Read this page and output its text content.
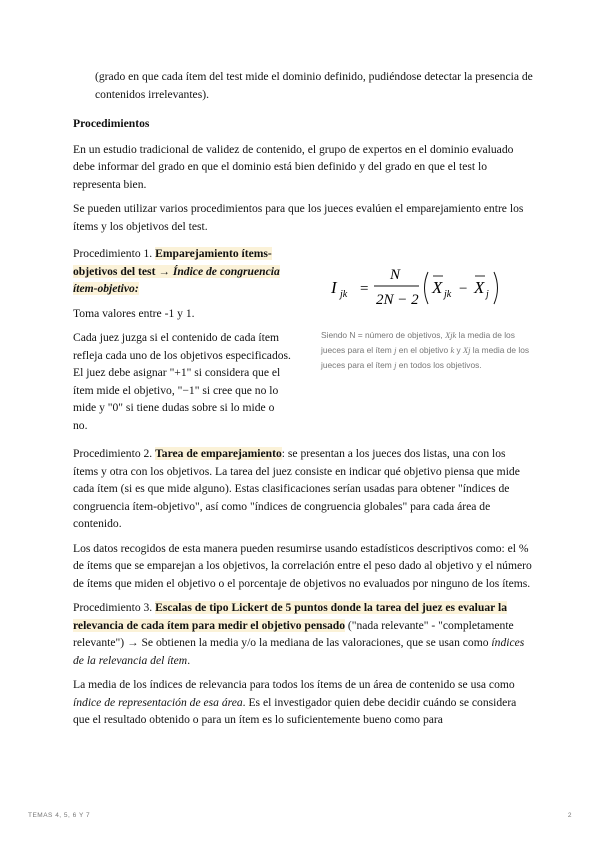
(grado en que cada ítem del test mide el dominio definido, pudiéndose detectar la presencia de contenidos irrelevantes).

Procedimientos

En un estudio tradicional de validez de contenido, el grupo de expertos en el dominio evaluado debe informar del grado en que el dominio está bien definido y del grado en que el test lo representa bien.

Se pueden utilizar varios procedimientos para que los jueces evalúen el emparejamiento entre los ítems y los objetivos del test.

Procedimiento 1. Emparejamiento ítems-objetivos del test → Índice de congruencia ítem-objetivo:

Toma valores entre -1 y 1.

Cada juez juzga si el contenido de cada ítem refleja cada uno de los objetivos especificados. El juez debe asignar "+1" si considera que el ítem mide el objetivo, "−1" si cree que no lo mide y "0" si tiene dudas sobre si lo mide o no.

I jk =
N
2N − 2
X jk − X j
Siendo N = número de objetivos, Xjk la media de los jueces para el ítem j en el objetivo k y Xj la media de los jueces para el ítem j en todos los objetivos.

Procedimiento 2. Tarea de emparejamiento: se presentan a los jueces dos listas, una con los ítems y otra con los objetivos. La tarea del juez consiste en indicar qué objetivo piensa que mide cada ítem (si es que mide alguno). Estas clasificaciones serían usadas para obtener "índices de congruencia ítem-objetivo", así como "índices de congruencia globales" para cada área de contenido.

Los datos recogidos de esta manera pueden resumirse usando estadísticos descriptivos como: el % de ítems que se emparejan a los objetivos, la correlación entre el peso dado al objetivo y el número de ítems que miden el objetivo o el porcentaje de objetivos no evaluados por ninguno de los ítems.

Procedimiento 3. Escalas de tipo Lickert de 5 puntos donde la tarea del juez es evaluar la relevancia de cada ítem para medir el objetivo pensado ("nada relevante" - "completamente relevante") → Se obtienen la media y/o la mediana de las valoraciones, que se usan como índices de la relevancia del ítem.

La media de los índices de relevancia para todos los ítems de un área de contenido se usa como índice de representación de esa área. Es el investigador quien debe decidir cuándo se considera que el resultado obtenido o para un ítem es lo suficientemente bueno como para

TEMAS 4, 5, 6 Y 7	2
